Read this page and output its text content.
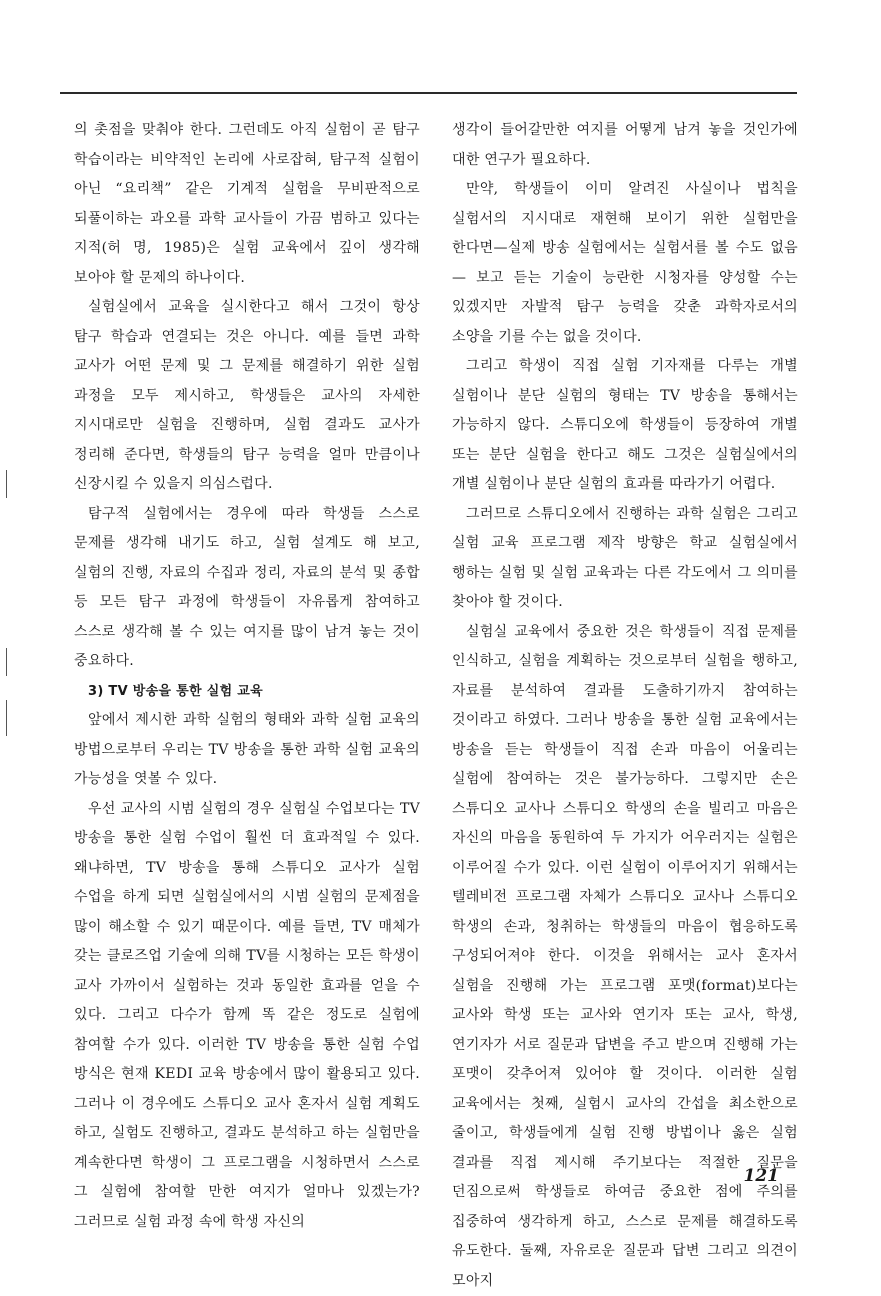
의 촛점을 맞춰야 한다. 그런데도 아직 실험이 곧 탐구 학습이라는 비약적인 논리에 사로잡혀, 탐구적 실험이 아닌 “요리책” 같은 기계적 실험을 무비판적으로 되풀이하는 과오를 과학 교사들이 가끔 범하고 있다는 지적(허 명, 1985)은 실험 교육에서 깊이 생각해 보아야 할 문제의 하나이다.

실험실에서 교육을 실시한다고 해서 그것이 항상 탐구 학습과 연결되는 것은 아니다. 예를 들면 과학 교사가 어떤 문제 및 그 문제를 해결하기 위한 실험 과정을 모두 제시하고, 학생들은 교사의 자세한 지시대로만 실험을 진행하며, 실험 결과도 교사가 정리해 준다면, 학생들의 탐구 능력을 얼마 만큼이나 신장시킬 수 있을지 의심스럽다.

탐구적 실험에서는 경우에 따라 학생들 스스로 문제를 생각해 내기도 하고, 실험 설계도 해 보고, 실험의 진행, 자료의 수집과 정리, 자료의 분석 및 종합 등 모든 탐구 과정에 학생들이 자유롭게 참여하고 스스로 생각해 볼 수 있는 여지를 많이 남겨 놓는 것이 중요하다.

3) TV 방송을 통한 실험 교육

앞에서 제시한 과학 실험의 형태와 과학 실험 교육의 방법으로부터 우리는 TV 방송을 통한 과학 실험 교육의 가능성을 엿볼 수 있다.

우선 교사의 시범 실험의 경우 실험실 수업보다는 TV 방송을 통한 실험 수업이 훨씬 더 효과적일 수 있다. 왜냐하면, TV 방송을 통해 스튜디오 교사가 실험 수업을 하게 되면 실험실에서의 시범 실험의 문제점을 많이 해소할 수 있기 때문이다. 예를 들면, TV 매체가 갖는 클로즈업 기술에 의해 TV를 시청하는 모든 학생이 교사 가까이서 실험하는 것과 동일한 효과를 얻을 수 있다. 그리고 다수가 함께 똑 같은 정도로 실험에 참여할 수가 있다. 이러한 TV 방송을 통한 실험 수업 방식은 현재 KEDI 교육 방송에서 많이 활용되고 있다. 그러나 이 경우에도 스튜디오 교사 혼자서 실험 계획도 하고, 실험도 진행하고, 결과도 분석하고 하는 실험만을 계속한다면 학생이 그 프로그램을 시청하면서 스스로 그 실험에 참여할 만한 여지가 얼마나 있겠는가? 그러므로 실험 과정 속에 학생 자신의

생각이 들어갈만한 여지를 어떻게 남겨 놓을 것인가에 대한 연구가 필요하다.

만약, 학생들이 이미 알려진 사실이나 법칙을 실험서의 지시대로 재현해 보이기 위한 실험만을 한다면—실제 방송 실험에서는 실험서를 볼 수도 없음— 보고 듣는 기술이 능란한 시청자를 양성할 수는 있겠지만 자발적 탐구 능력을 갖춘 과학자로서의 소양을 기를 수는 없을 것이다.

그리고 학생이 직접 실험 기자재를 다루는 개별 실험이나 분단 실험의 형태는 TV 방송을 통해서는 가능하지 않다. 스튜디오에 학생들이 등장하여 개별 또는 분단 실험을 한다고 해도 그것은 실험실에서의 개별 실험이나 분단 실험의 효과를 따라가기 어렵다.

그러므로 스튜디오에서 진행하는 과학 실험은 그리고 실험 교육 프로그램 제작 방향은 학교 실험실에서 행하는 실험 및 실험 교육과는 다른 각도에서 그 의미를 찾아야 할 것이다.

실험실 교육에서 중요한 것은 학생들이 직접 문제를 인식하고, 실험을 계획하는 것으로부터 실험을 행하고, 자료를 분석하여 결과를 도출하기까지 참여하는 것이라고 하였다. 그러나 방송을 통한 실험 교육에서는 방송을 듣는 학생들이 직접 손과 마음이 어울리는 실험에 참여하는 것은 불가능하다. 그렇지만 손은 스튜디오 교사나 스튜디오 학생의 손을 빌리고 마음은 자신의 마음을 동원하여 두 가지가 어우러지는 실험은 이루어질 수가 있다. 이런 실험이 이루어지기 위해서는 텔레비전 프로그램 자체가 스튜디오 교사나 스튜디오 학생의 손과, 청취하는 학생들의 마음이 협응하도록 구성되어져야 한다. 이것을 위해서는 교사 혼자서 실험을 진행해 가는 프로그램 포맷(format)보다는 교사와 학생 또는 교사와 연기자 또는 교사, 학생, 연기자가 서로 질문과 답변을 주고 받으며 진행해 가는 포맷이 갖추어져 있어야 할 것이다. 이러한 실험 교육에서는 첫째, 실험시 교사의 간섭을 최소한으로 줄이고, 학생들에게 실험 진행 방법이나 옳은 실험 결과를 직접 제시해 주기보다는 적절한 질문을 던짐으로써 학생들로 하여금 중요한 점에 주의를 집중하여 생각하게 하고, 스스로 문제를 해결하도록 유도한다. 둘째, 자유로운 질문과 답변 그리고 의견이 모아지

121
